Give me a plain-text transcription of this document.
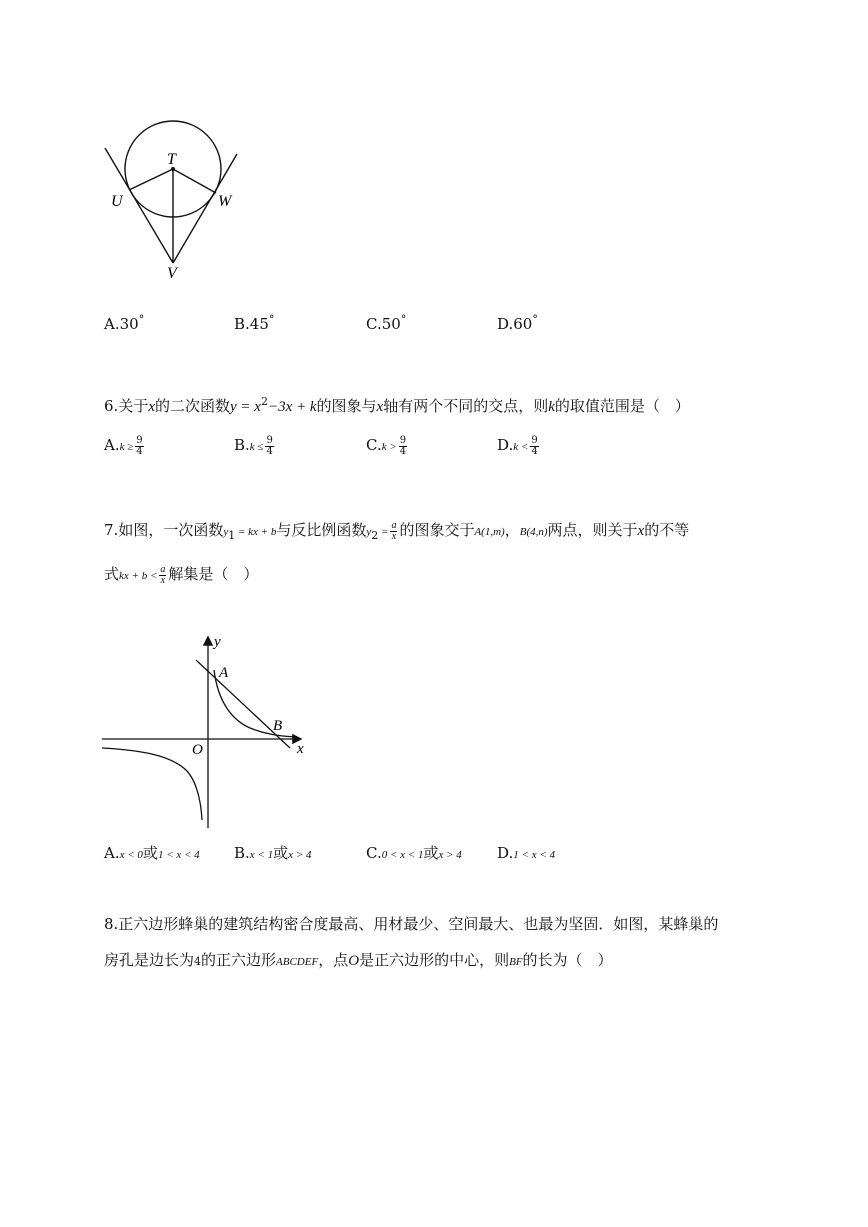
T
U	W
V
A.30°	B.45°	C.50°	D.60°
6.关于x的二次函数$y = x^2-3x + k$的图象与x轴有两个不同的交点，则k的取值范围是（　）
$A.k \ge \frac{9}{4}$	$B.k \le \frac{9}{4}$	$C.k > \frac{9}{4}$	$D.k < \frac{9}{4}$
7.如图，一次函数$y_1$ = kx + b与反比例函数$y_2 = \frac{a}{x}$ 的图象交于A(1,m)，B(4,n)两点，则关于x的不等
式kx + $b < \frac{a}{x}$ 解集是（　）
y
A
B
O	x
A.x < 0或1 < x < 4 B.x < 1或x > 4	C.0 < x < 1或x > 4 D.1 < x < 4
8.正六边形蜂巢的建筑结构密合度最高、用材最少、空间最大、也最为坚固．如图，某蜂巢的
房孔是边长为4的正六边形ABCDEF，点O是正六边形的中心，则BF的长为（　）
